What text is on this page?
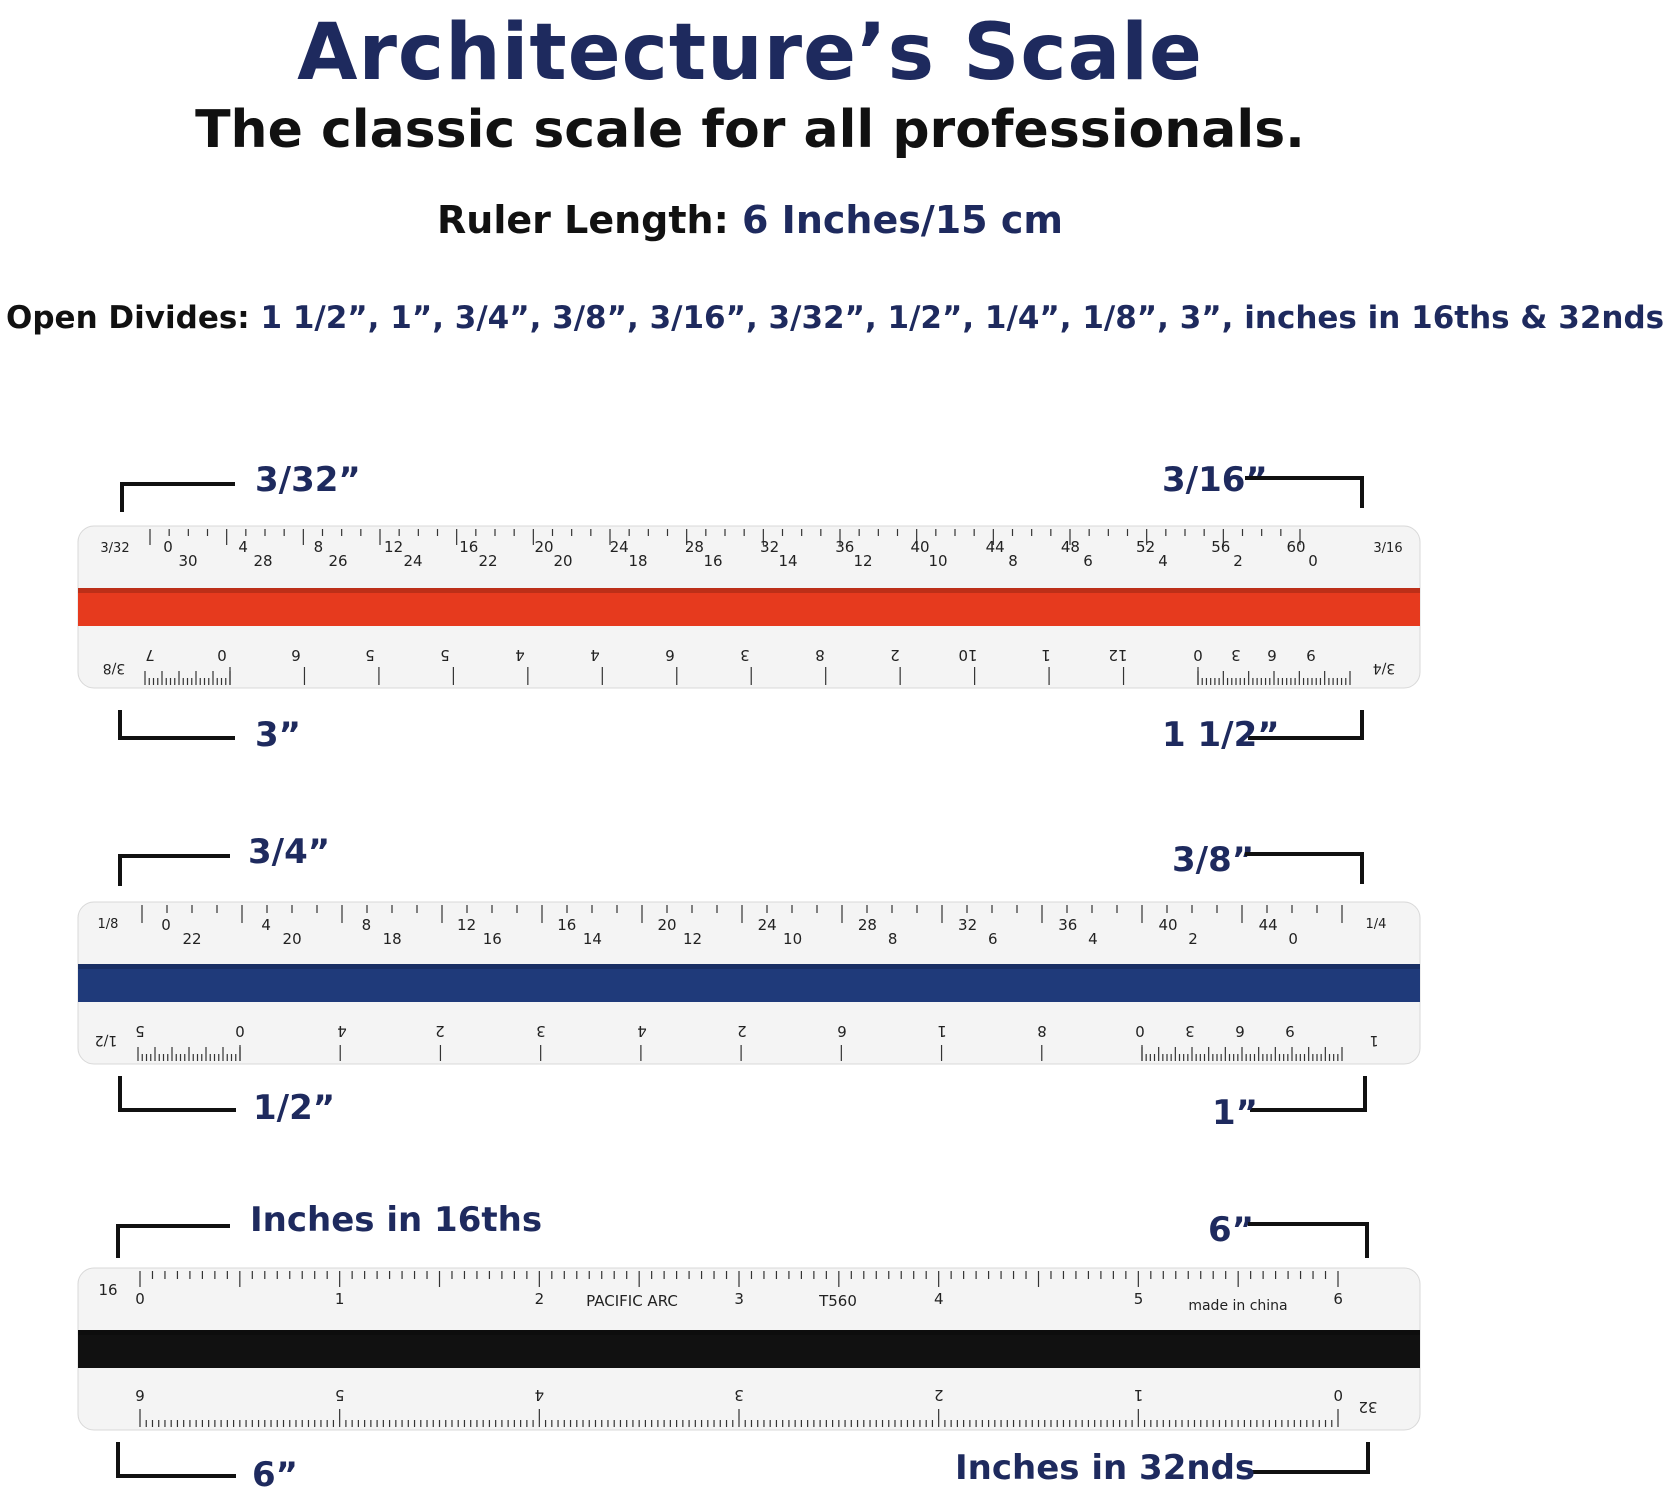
Architecture’s Scale
The classic scale for all professionals.
Ruler Length: 6 Inches/15 cm
Open Divides: 1 1/2”, 1”, 3/4”, 3/8”, 3/16”, 3/32”, 1/2”, 1/4”, 1/8”, 3”, inches in 16ths & 32nds
3/32”	3/16”
3/32	3/16
0	4	8	12	16	20	24	28	32	36	40	44	48	52	56	60
30	28	26	24	22	20	18	16	14	12	10	8	6	4	2	0
3/8	3/4
7	0	6	5	5	4	4	6	3	8	2	10	1	12	0 3 6 9
3”	1 1/2”
3/4”	3/8”
1/8	1/4
0	4	8	12	16	20	24	28	32	36	40	44
22	20	18	16	14	12	10	8	6	4	2	0
1/2	1
5	0	4	2	3	4	2	6	1	8	0	3	6	9
1/2”	1”
Inches in 16ths	6”
16 0	1	2	3	4	5	6
PACIFIC ARC	T560	made in china
32
6	5	4	3	2	1	0
6”	Inches in 32nds
